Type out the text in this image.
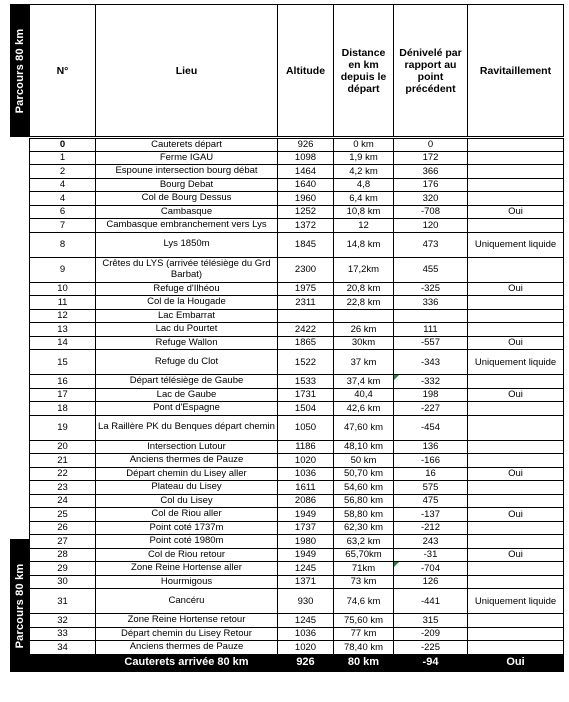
Parcours 80 km
Parcours 80 km
N°	Lieu	Altitude	Distance en km depuis le départ	Dénivelé par rapport au point précédent	Ravitaillement
0	Cauterets départ	926	0 km	0	
1	Ferme IGAU	1098	1,9 km	172	
2	Espoune intersection bourg débat	1464	4,2 km	366	
4	Bourg Debat	1640	4,8	176	
4	Col de Bourg Dessus	1960	6,4 km	320	
6	Cambasque	1252	10,8 km	-708	Oui
7	Cambasque embranchement vers Lys	1372	12	120	
8	Lys 1850m	1845	14,8 km	473	Uniquement liquide
9	Crêtes du LYS (arrivée télésiège du Grd Barbat)	2300	17,2km	455	
10	Refuge d'Ilhéou	1975	20,8 km	-325	Oui
11	Col de la Hougade	2311	22,8 km	336	
12	Lac Embarrat				
13	Lac du Pourtet	2422	26 km	111	
14	Refuge Wallon	1865	30km	-557	Oui
15	Refuge du Clot	1522	37 km	-343	Uniquement liquide
16	Départ télésiège de Gaube	1533	37,4 km	-332	
17	Lac de Gaube	1731	40,4	198	Oui
18	Pont d'Espagne	1504	42,6 km	-227	
19	La Raillère PK du Benques départ chemin	1050	47,60 km	-454	
20	Intersection Lutour	1186	48,10 km	136	
21	Anciens thermes de Pauze	1020	50 km	-166	
22	Départ chemin du Lisey aller	1036	50,70 km	16	Oui
23	Plateau du Lisey	1611	54,60 km	575	
24	Col du Lisey	2086	56,80 km	475	
25	Col de Riou aller	1949	58,80 km	-137	Oui
26	Point coté 1737m	1737	62,30 km	-212	
27	Point coté 1980m	1980	63,2 km	243	
28	Col de Riou retour	1949	65,70km	-31	Oui
29	Zone Reine Hortense aller	1245	71km	-704	
30	Hourmigous	1371	73 km	126	
31	Cancéru	930	74,6 km	-441	Uniquement liquide
32	Zone Reine Hortense retour	1245	75,60 km	315	
33	Départ chemin du Lisey Retour	1036	77 km	-209	
34	Anciens thermes de Pauze	1020	78,40 km	-225	
	Cauterets arrivée 80 km	926	80 km	-94	Oui
